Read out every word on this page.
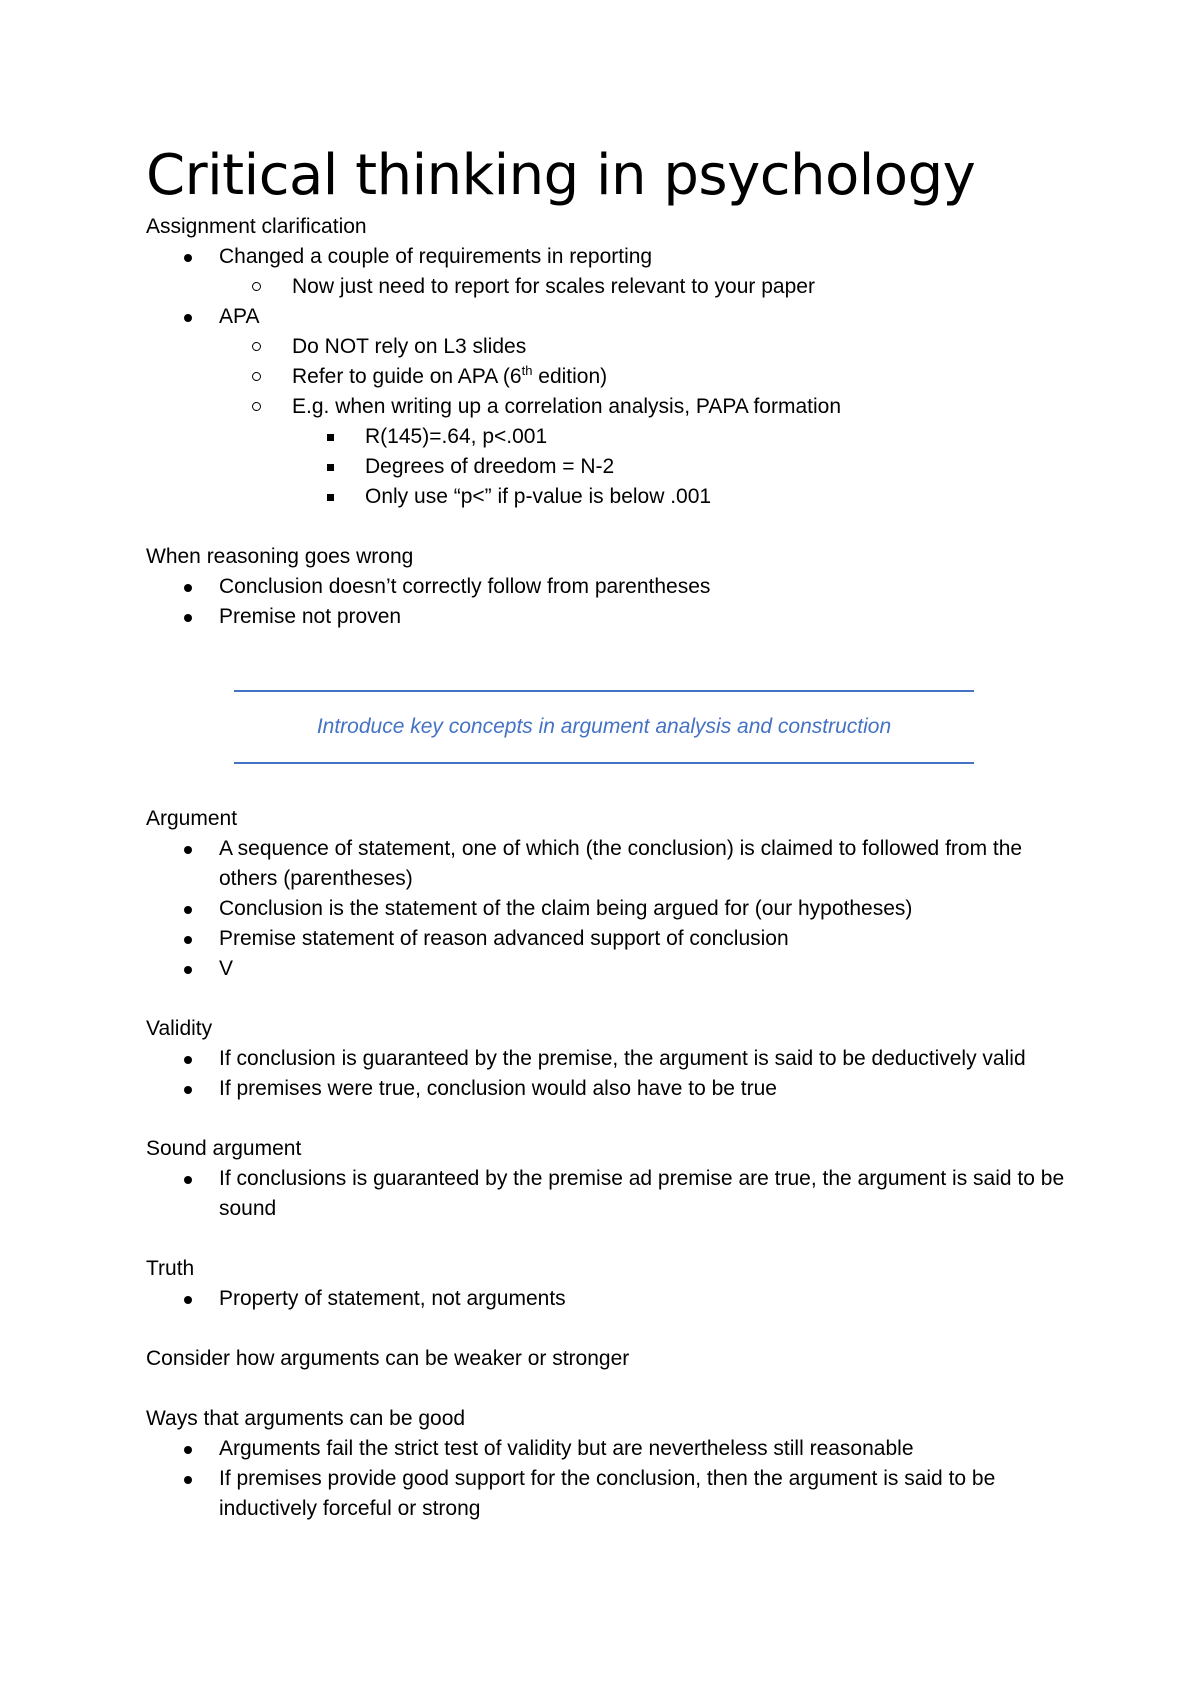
Critical thinking in psychology

Assignment clarification

Changed a couple of requirements in reporting
Now just need to report for scales relevant to your paper
APA
Do NOT rely on L3 slides
Refer to guide on APA (6th edition)
E.g. when writing up a correlation analysis, PAPA formation
R(145)=.64, p<.001
Degrees of dreedom = N-2
Only use “p<” if p-value is below .001

When reasoning goes wrong

Conclusion doesn’t correctly follow from parentheses
Premise not proven
Introduce key concepts in argument analysis and construction

Argument

A sequence of statement, one of which (the conclusion) is claimed to followed from the others (parentheses)
Conclusion is the statement of the claim being argued for (our hypotheses)
Premise statement of reason advanced support of conclusion
V

Validity

If conclusion is guaranteed by the premise, the argument is said to be deductively valid
If premises were true, conclusion would also have to be true

Sound argument

If conclusions is guaranteed by the premise ad premise are true, the argument is said to be sound

Truth

Property of statement, not arguments

Consider how arguments can be weaker or stronger

Ways that arguments can be good

Arguments fail the strict test of validity but are nevertheless still reasonable
If premises provide good support for the conclusion, then the argument is said to be inductively forceful or strong
